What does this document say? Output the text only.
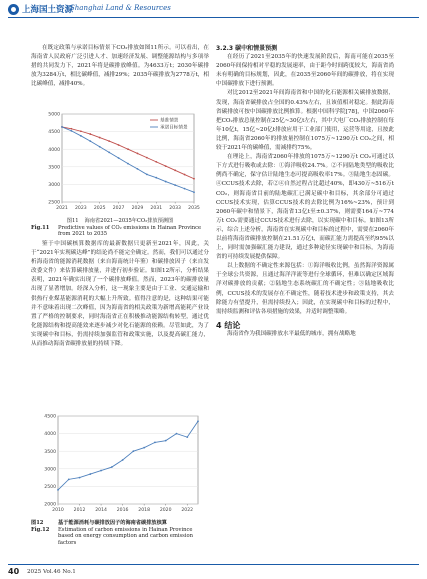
上海国土资源
Shanghai Land & Resources

在既定政策与承诺目标情景下CO₂排放如图11所示。可以看出，在海南省人民政府广泛引进人才、加速经济发展、调整能源结构与多项举措的共同发力下，2021年将是碳排放峰值。为4633万t；2030年碳排放为3284万t，相比碳峰值，减排29%；2035年碳排放为2778万t，相比碳峰值，减排40%。

2500
3000
3500
4000
4500
5000
2021 2023 2025 2027 2029 2031 2033 2035
基准情景
承诺目标情景
图11 海南省2021—2035年CO₂排放预测图
Fig.11	Predictive values of CO₂ emissions in Hainan Province from 2021 to 2035

鉴于中国碳核算数据库的最新数据只更新至2021年，因此，关于“2021年实现碳达峰”的结论尚不能完全确定。然而，我们可以通过分析海南省的能源消耗数据（来自海南统计年鉴）和碳排放因子（来自发改委文件）来估算碳排放量，并进行初步验证。如图12所示，分析结果表明，2021年确实出现了一个碳排放峰值。然而，2023年的碳排放量出现了显著增加。经深入分析，这一现象主要是由于工业、交通运输和供热行业煤基能源消耗的大幅上升所致。值得注意的是，这种结果可能并不意味着出现二次峰值，因为海南省的相关政策为新增高能耗产业设置了严格的控制要求，同时海南省正在积极推动能源结构转型，通过优化能源结构和提高能效来逐步减少对化石能源的依赖。尽管如此，为了实现碳中和目标，仍需持续加强监管和政策实施，以及提高碳汇能力，从而推动海南省碳排放量的持续下降。

2000
2500
3000
3500
4000
4500
2010 2012 2014 2016 2018 2020 2022
图12	基于能源消耗与碳排放因子的海南省碳排放核算
Fig.12	Estimation of carbon emissions in Hainan Province based on energy consumption and carbon emission factors

3.2.3 碳中和情景预测

在经历了2021至2035年的快速发展阶段后，海南可能在2035至2060年间保持相对平稳的发展速率，由于距今时间跨度较大，海南省尚未有明确的目标规划，因此，在2035至2060年间的碳排放，将在实现中国碳排放下进行预测。

对比2012至2021年间海南省和中国的化石能源相关碳排放数据，发现，海南省碳排放占全国的0.43%左右，且该值相对稳定。据此海南省碳排放可按中国碳排放比例推算。根据中国科学院[78]，中国2060年把CO₂排放总量控制在25亿~30亿t左右，其中大电厂CO₂排放控制在每年10亿t，15亿~20亿t排放应用于工业部门使用，运营等用途，且按此比例，海南省2060年的排放量控制在1075万~1290万t CO₂之间，相较于2021年的碳峰值，需减排约75%。

在理论上，海南省2060年排放的1075万~1290万t CO₂可通过以下方式进行吸收或去除：①海洋吸收24.7%。②不同陆地类型的吸收比例尚不确定，保守估计陆地生态可提高吸收率17%。③陆地生态固碳。④CCUS技术去除，若②④自然过程占比超过40%，即430万~516万t CO₂，则海南省目前的陆地碳汇已满足碳中和目标，其余部分可通过CCUS技术实现，估算CCUS技术的去除比例为16%~23%，预计到2060年碳中和情景下，海南省13亿t至±0.37%，则需要164万~774万t CO₂需要通过CCUS技术进行去除，以实现碳中和目标。如图13所示，综合上述分析，海南省在实现碳中和目标的过程中，需要在2060年以前将海南省碳排放控制在21.51万亿t，而碳汇能力需提高至约95%以上，同时需加强碳汇能力建设，通过多种途径实现碳中和目标，为海南省的可持续发展提供保障。

以上数据的不确定性来源包括：①海洋吸收比例，虽然海洋资源属于全球公共资源，且通过海洋洋流等进行全球循环，但难以确定区域海洋对碳排放的贡献；②陆地生态系统碳汇的不确定性；③陆地吸收比例，CCUS技术的发展存在不确定性，随着技术进步和政策支持，其去除能力有望提升，但需持续投入；因此，在实现碳中和目标的过程中，需持续监测和评估各项措施的效果，并适时调整策略。

4 结论

海南省作为我国碳排放水平最低的城市，拥有战略地

40 2025 Vol.46 No.1
